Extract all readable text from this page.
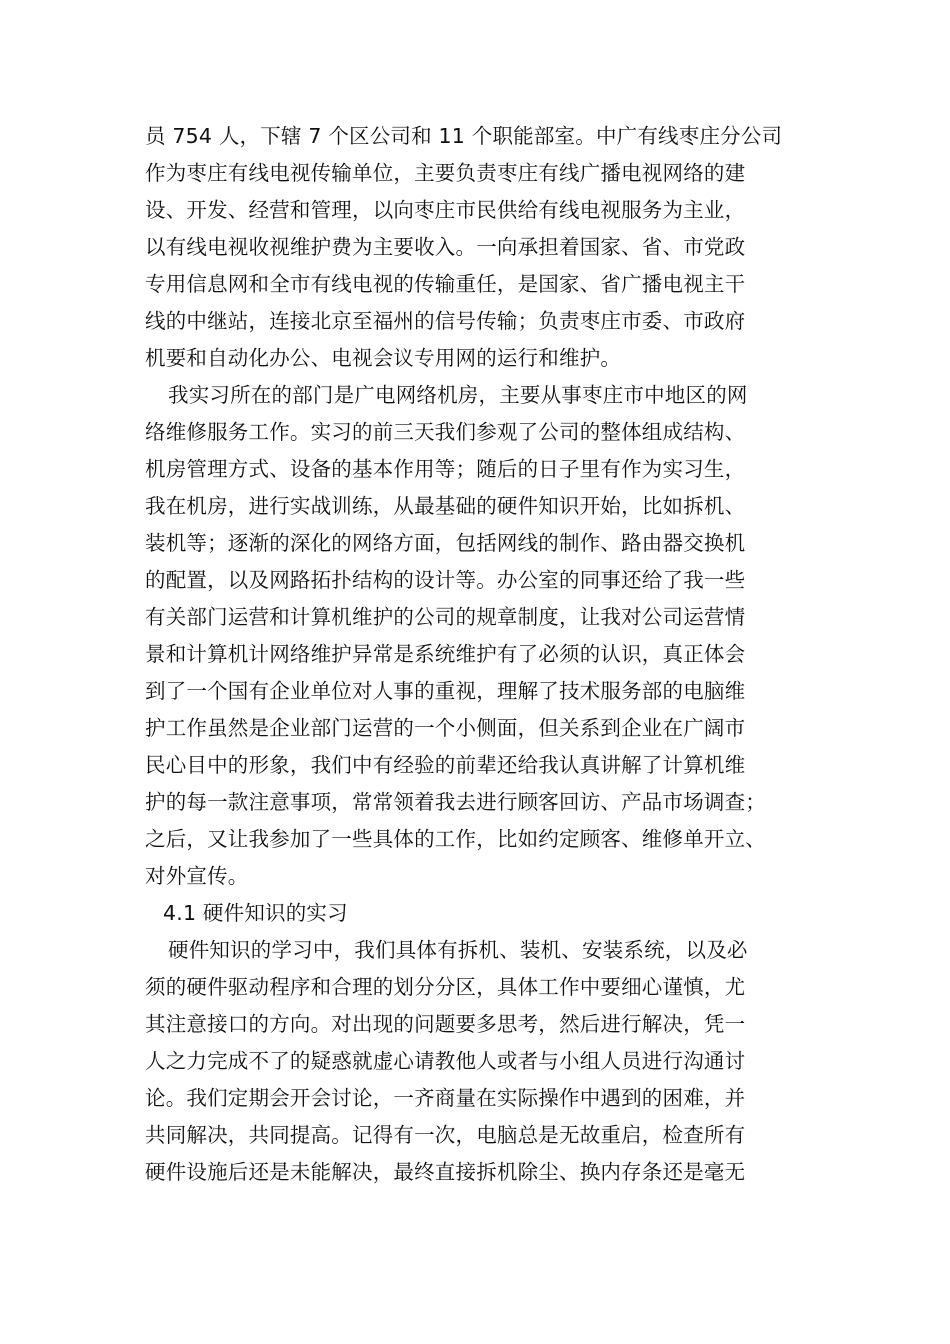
员 754 人，下辖 7 个区公司和 11 个职能部室。中广有线枣庄分公司
作为枣庄有线电视传输单位，主要负责枣庄有线广播电视网络的建
设、开发、经营和管理，以向枣庄市民供给有线电视服务为主业，
以有线电视收视维护费为主要收入。一向承担着国家、省、市党政
专用信息网和全市有线电视的传输重任，是国家、省广播电视主干
线的中继站，连接北京至福州的信号传输；负责枣庄市委、市政府
机要和自动化办公、电视会议专用网的运行和维护。
我实习所在的部门是广电网络机房，主要从事枣庄市中地区的网
络维修服务工作。实习的前三天我们参观了公司的整体组成结构、
机房管理方式、设备的基本作用等；随后的日子里有作为实习生，
我在机房，进行实战训练，从最基础的硬件知识开始，比如拆机、
装机等；逐渐的深化的网络方面，包括网线的制作、路由器交换机
的配置，以及网路拓扑结构的设计等。办公室的同事还给了我一些
有关部门运营和计算机维护的公司的规章制度，让我对公司运营情
景和计算机计网络维护异常是系统维护有了必须的认识，真正体会
到了一个国有企业单位对人事的重视，理解了技术服务部的电脑维
护工作虽然是企业部门运营的一个小侧面，但关系到企业在广阔市
民心目中的形象，我们中有经验的前辈还给我认真讲解了计算机维
护的每一款注意事项，常常领着我去进行顾客回访、产品市场调查；
之后，又让我参加了一些具体的工作，比如约定顾客、维修单开立、
对外宣传。
4.1 硬件知识的实习
硬件知识的学习中，我们具体有拆机、装机、安装系统，以及必
须的硬件驱动程序和合理的划分分区，具体工作中要细心谨慎，尤
其注意接口的方向。对出现的问题要多思考，然后进行解决，凭一
人之力完成不了的疑惑就虚心请教他人或者与小组人员进行沟通讨
论。我们定期会开会讨论，一齐商量在实际操作中遇到的困难，并
共同解决，共同提高。记得有一次，电脑总是无故重启，检查所有
硬件设施后还是未能解决，最终直接拆机除尘、换内存条还是毫无
